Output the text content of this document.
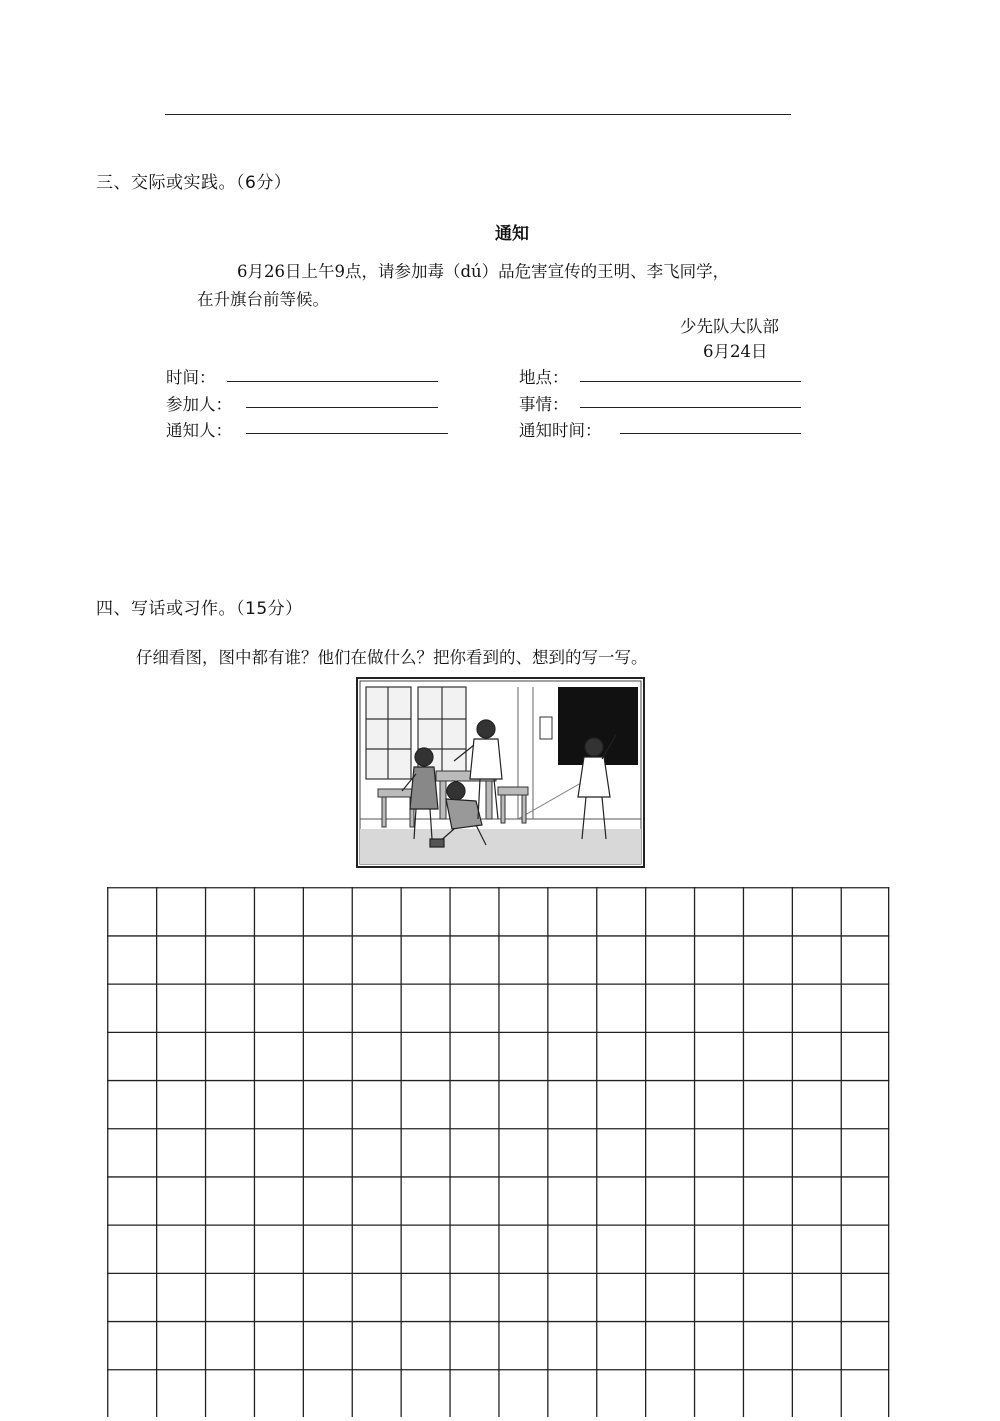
三、交际或实践。（6分）
通知
6月26日上午9点，请参加毒（dú）品危害宣传的王明、李飞同学，
在升旗台前等候。
少先队大队部
6月24日
时间：	地点：
参加人：	事情：
通知人：	通知时间：
四、写话或习作。（15分）
仔细看图，图中都有谁？他们在做什么？把你看到的、想到的写一写。
